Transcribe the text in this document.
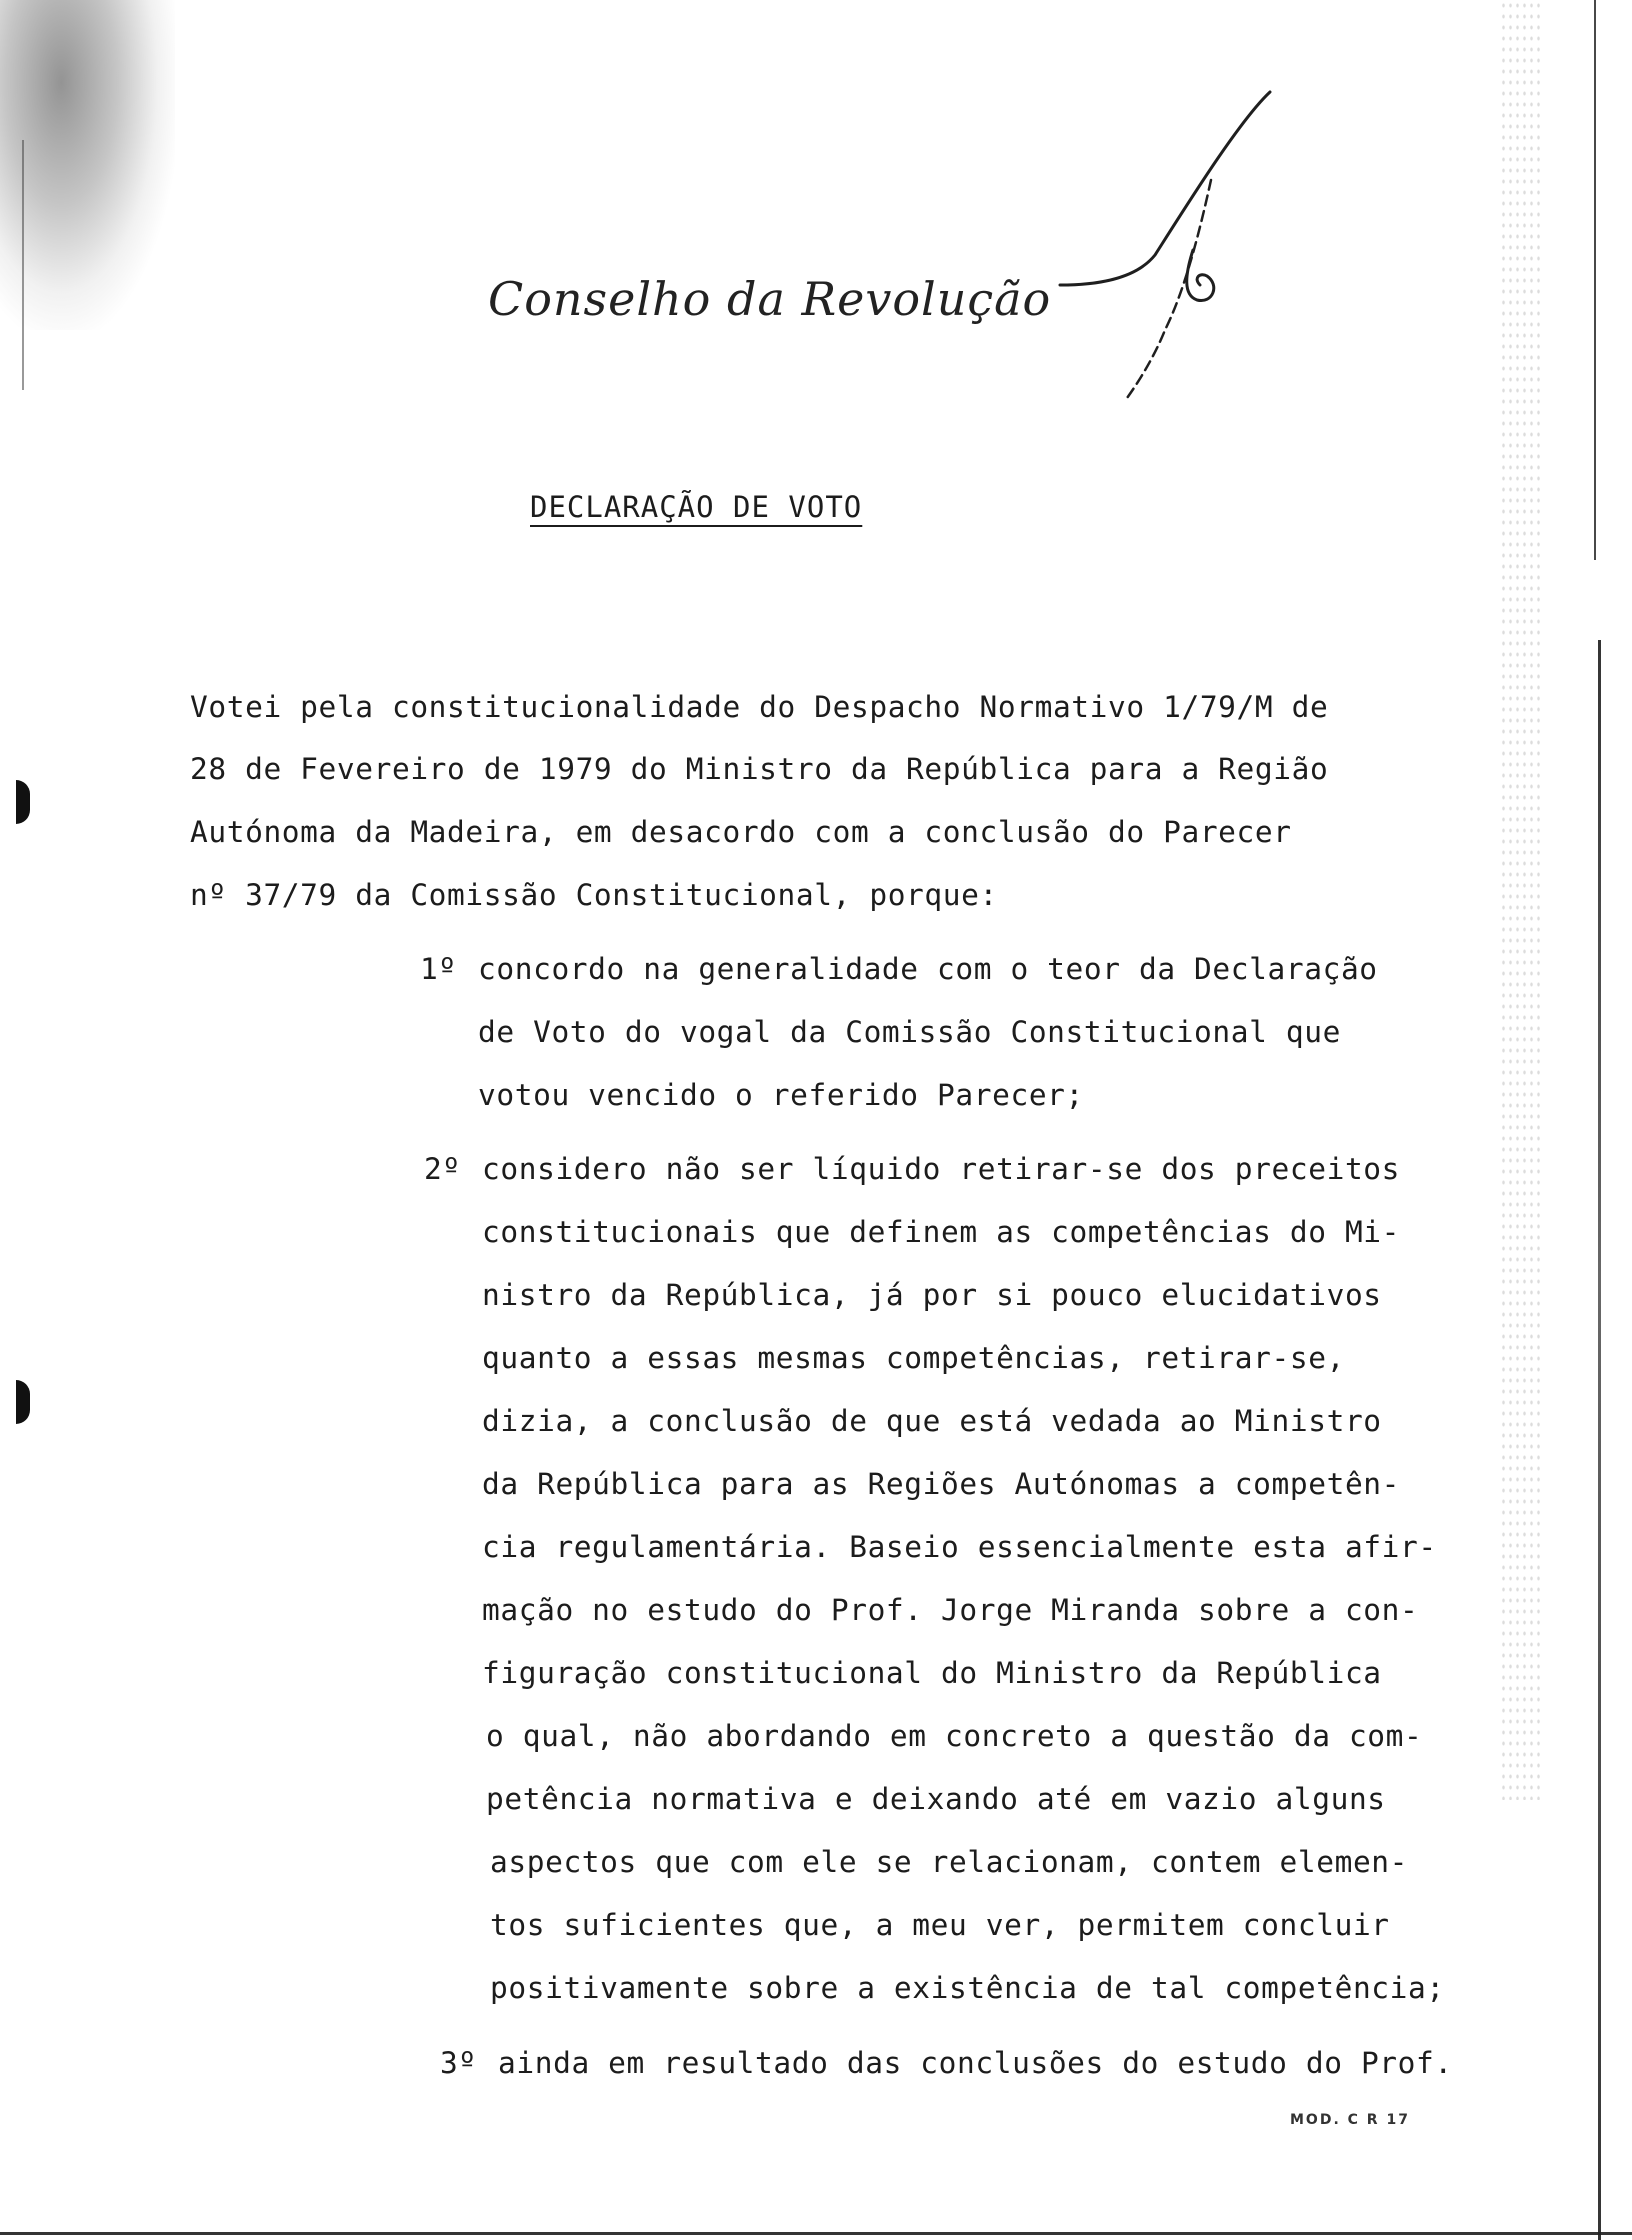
Conselho da Revolução
DECLARAÇÃO DE VOTO
Votei pela constitucionalidade do Despacho Normativo 1/79/M de
28 de Fevereiro de 1979 do Ministro da República para a Região
Autónoma da Madeira, em desacordo com a conclusão do Parecer
nº 37/79 da Comissão Constitucional, porque:
1º concordo na generalidade com o teor da Declaração
de Voto do vogal da Comissão Constitucional que
votou vencido o referido Parecer;
2º considero não ser líquido retirar-se dos preceitos
constitucionais que definem as competências do Mi-
nistro da República, já por si pouco elucidativos
quanto a essas mesmas competências, retirar-se,
dizia, a conclusão de que está vedada ao Ministro
da República para as Regiões Autónomas a competên-
cia regulamentária. Baseio essencialmente esta afir-
mação no estudo do Prof. Jorge Miranda sobre a con-
figuração constitucional do Ministro da República
o qual, não abordando em concreto a questão da com-
petência normativa e deixando até em vazio alguns
aspectos que com ele se relacionam, contem elemen-
tos suficientes que, a meu ver, permitem concluir
positivamente sobre a existência de tal competência;
3º ainda em resultado das conclusões do estudo do Prof.
MOD. C R 17
